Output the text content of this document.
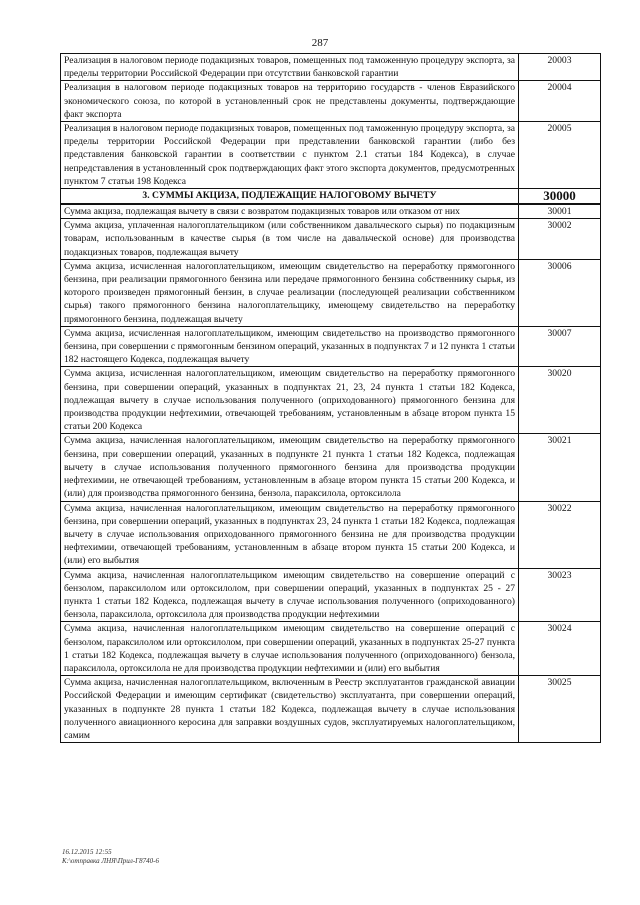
287
Реализация в налоговом периоде подакцизных товаров, помещенных под таможенную процедуру экспорта, за пределы территории Российской Федерации при отсутствии банковской гарантии	20003
Реализация в налоговом периоде подакцизных товаров на территорию государств - членов Евразийского экономического союза, по которой в установленный срок не представлены документы, подтверждающие факт экспорта	20004
Реализация в налоговом периоде подакцизных товаров, помещенных под таможенную процедуру экспорта, за пределы территории Российской Федерации при представлении банковской гарантии (либо без представления банковской гарантии в соответствии с пунктом 2.1 статьи 184 Кодекса), в случае непредставления в установленный срок подтверждающих факт этого экспорта документов, предусмотренных пунктом 7 статьи 198 Кодекса	20005
3. СУММЫ АКЦИЗА, ПОДЛЕЖАЩИЕ НАЛОГОВОМУ ВЫЧЕТУ	30000
Сумма акциза, подлежащая вычету в связи с возвратом подакцизных товаров или отказом от них	30001
Сумма акциза, уплаченная налогоплательщиком (или собственником давальческого сырья) по подакцизным товарам, использованным в качестве сырья (в том числе на давальческой основе) для производства подакцизных товаров, подлежащая вычету	30002
Сумма акциза, исчисленная налогоплательщиком, имеющим свидетельство на переработку прямогонного бензина, при реализации прямогонного бензина или передаче прямогонного бензина собственнику сырья, из которого произведен прямогонный бензин, в случае реализации (последующей реализации собственником сырья) такого прямогонного бензина налогоплательщику, имеющему свидетельство на переработку прямогонного бензина, подлежащая вычету	30006
Сумма акциза, исчисленная налогоплательщиком, имеющим свидетельство на производство прямогонного бензина, при совершении с прямогонным бензином операций, указанных в подпунктах 7 и 12 пункта 1 статьи 182 настоящего Кодекса, подлежащая вычету	30007
Сумма акциза, исчисленная налогоплательщиком, имеющим свидетельство на переработку прямогонного бензина, при совершении операций, указанных в подпунктах 21, 23, 24 пункта 1 статьи 182 Кодекса, подлежащая вычету в случае использования полученного (оприходованного) прямогонного бензина для производства продукции нефтехимии, отвечающей требованиям, установленным в абзаце втором пункта 15 статьи 200 Кодекса	30020
Сумма акциза, начисленная налогоплательщиком, имеющим свидетельство на переработку прямогонного бензина, при совершении операций, указанных в подпункте 21 пункта 1 статьи 182 Кодекса, подлежащая вычету в случае использования полученного прямогонного бензина для производства продукции нефтехимии, не отвечающей требованиям, установленным в абзаце втором пункта 15 статьи 200 Кодекса, и (или) для производства прямогонного бензина, бензола, параксилола, ортоксилола	30021
Сумма акциза, начисленная налогоплательщиком, имеющим свидетельство на переработку прямогонного бензина, при совершении операций, указанных в подпунктах 23, 24 пункта 1 статьи 182 Кодекса, подлежащая вычету в случае использования оприходованного прямогонного бензина не для производства продукции нефтехимии, отвечающей требованиям, установленным в абзаце втором пункта 15 статьи 200 Кодекса, и (или) его выбытия	30022
Сумма акциза, начисленная налогоплательщиком имеющим свидетельство на совершение операций с бензолом, параксилолом или ортоксилолом, при совершении операций, указанных в подпунктах 25 - 27 пункта 1 статьи 182 Кодекса, подлежащая вычету в случае использования полученного (оприходованного) бензола, параксилола, ортоксилола для производства продукции нефтехимии	30023
Сумма акциза, начисленная налогоплательщиком имеющим свидетельство на совершение операций с бензолом, параксилолом или ортоксилолом, при совершении операций, указанных в подпунктах 25-27 пункта 1 статьи 182 Кодекса, подлежащая вычету в случае использования полученного (оприходованного) бензола, параксилола, ортоксилола не для производства продукции нефтехимии и (или) его выбытия	30024
Сумма акциза, начисленная налогоплательщиком, включенным в Реестр эксплуатантов гражданской авиации Российской Федерации и имеющим сертификат (свидетельство) эксплуатанта, при совершении операций, указанных в подпункте 28 пункта 1 статьи 182 Кодекса, подлежащая вычету в случае использования полученного авиационного керосина для заправки воздушных судов, эксплуатируемых налогоплательщиком, самим	30025
16.12.2015 12:55
К:\отправка ЛНЯ\Прил-Г8740-6
